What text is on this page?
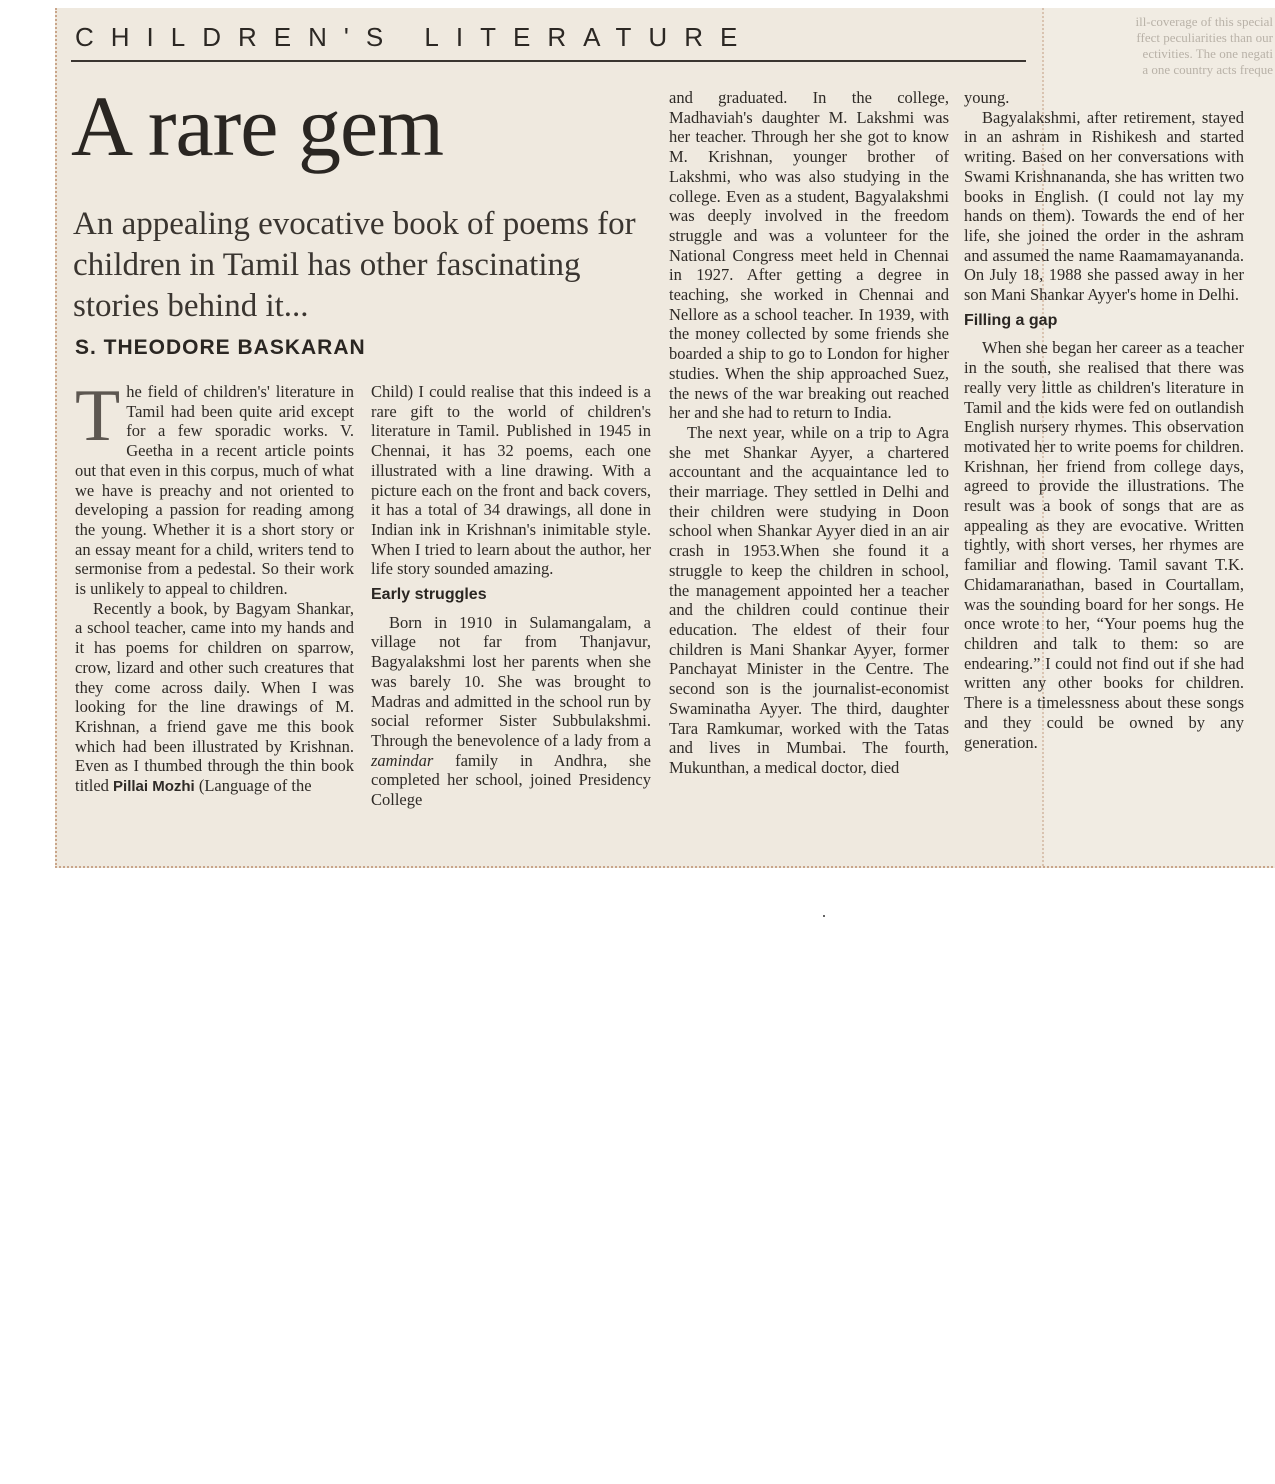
ill-coverage of this special
ffect peculiarities than our
ectivities. The one negati
a one country acts freque
CHILDREN'S LITERATURE
A rare gem
An appealing evocative book of poems for children in Tamil has other fascinating stories behind it...
S. THEODORE BASKARAN

The field of children's' literature in Tamil had been quite arid except for a few sporadic works. V. Geetha in a recent article points out that even in this corpus, much of what we have is preachy and not oriented to developing a passion for reading among the young. Whether it is a short story or an essay meant for a child, writers tend to sermonise from a pedestal. So their work is unlikely to appeal to children.

Recently a book, by Bagyam Shankar, a school teacher, came into my hands and it has poems for children on sparrow, crow, lizard and other such creatures that they come across daily. When I was looking for the line drawings of M. Krishnan, a friend gave me this book which had been illustrated by Krishnan. Even as I thumbed through the thin book titled Pillai Mozhi (Language of the

Child) I could realise that this indeed is a rare gift to the world of children's literature in Tamil. Published in 1945 in Chennai, it has 32 poems, each one illustrated with a line drawing. With a picture each on the front and back covers, it has a total of 34 drawings, all done in Indian ink in Krishnan's inimitable style. When I tried to learn about the author, her life story sounded amazing.

Early struggles

Born in 1910 in Sulamangalam, a village not far from Thanjavur, Bagyalakshmi lost her parents when she was barely 10. She was brought to Madras and admitted in the school run by social reformer Sister Subbulakshmi. Through the benevolence of a lady from a zamindar family in Andhra, she completed her school, joined Presidency College

and graduated. In the college, Madhaviah's daughter M. Lakshmi was her teacher. Through her she got to know M. Krishnan, younger brother of Lakshmi, who was also studying in the college. Even as a student, Bagyalakshmi was deeply involved in the freedom struggle and was a volunteer for the National Congress meet held in Chennai in 1927. After getting a degree in teaching, she worked in Chennai and Nellore as a school teacher. In 1939, with the money collected by some friends she boarded a ship to go to London for higher studies. When the ship approached Suez, the news of the war breaking out reached her and she had to return to India.

The next year, while on a trip to Agra she met Shankar Ayyer, a chartered accountant and the acquaintance led to their marriage. They settled in Delhi and their children were studying in Doon school when Shankar Ayyer died in an air crash in 1953.When she found it a struggle to keep the children in school, the management appointed her a teacher and the children could continue their education. The eldest of their four children is Mani Shankar Ayyer, former Panchayat Minister in the Centre. The second son is the journalist-economist Swaminatha Ayyer. The third, daughter Tara Ramkumar, worked with the Tatas and lives in Mumbai. The fourth, Mukunthan, a medical doctor, died

young.

Bagyalakshmi, after retirement, stayed in an ashram in Rishikesh and started writing. Based on her conversations with Swami Krishnananda, she has written two books in English. (I could not lay my hands on them). Towards the end of her life, she joined the order in the ashram and assumed the name Raamamayananda. On July 18, 1988 she passed away in her son Mani Shankar Ayyer's home in Delhi.

Filling a gap

When she began her career as a teacher in the south, she realised that there was really very little as children's literature in Tamil and the kids were fed on outlandish English nursery rhymes. This observation motivated her to write poems for children. Krishnan, her friend from college days, agreed to provide the illustrations. The result was a book of songs that are as appealing as they are evocative. Written tightly, with short verses, her rhymes are familiar and flowing. Tamil savant T.K. Chidamaranathan, based in Courtallam, was the sounding board for her songs. He once wrote to her, “Your poems hug the children and talk to them: so are endearing.” I could not find out if she had written any other books for children. There is a timelessness about these songs and they could be owned by any generation.
